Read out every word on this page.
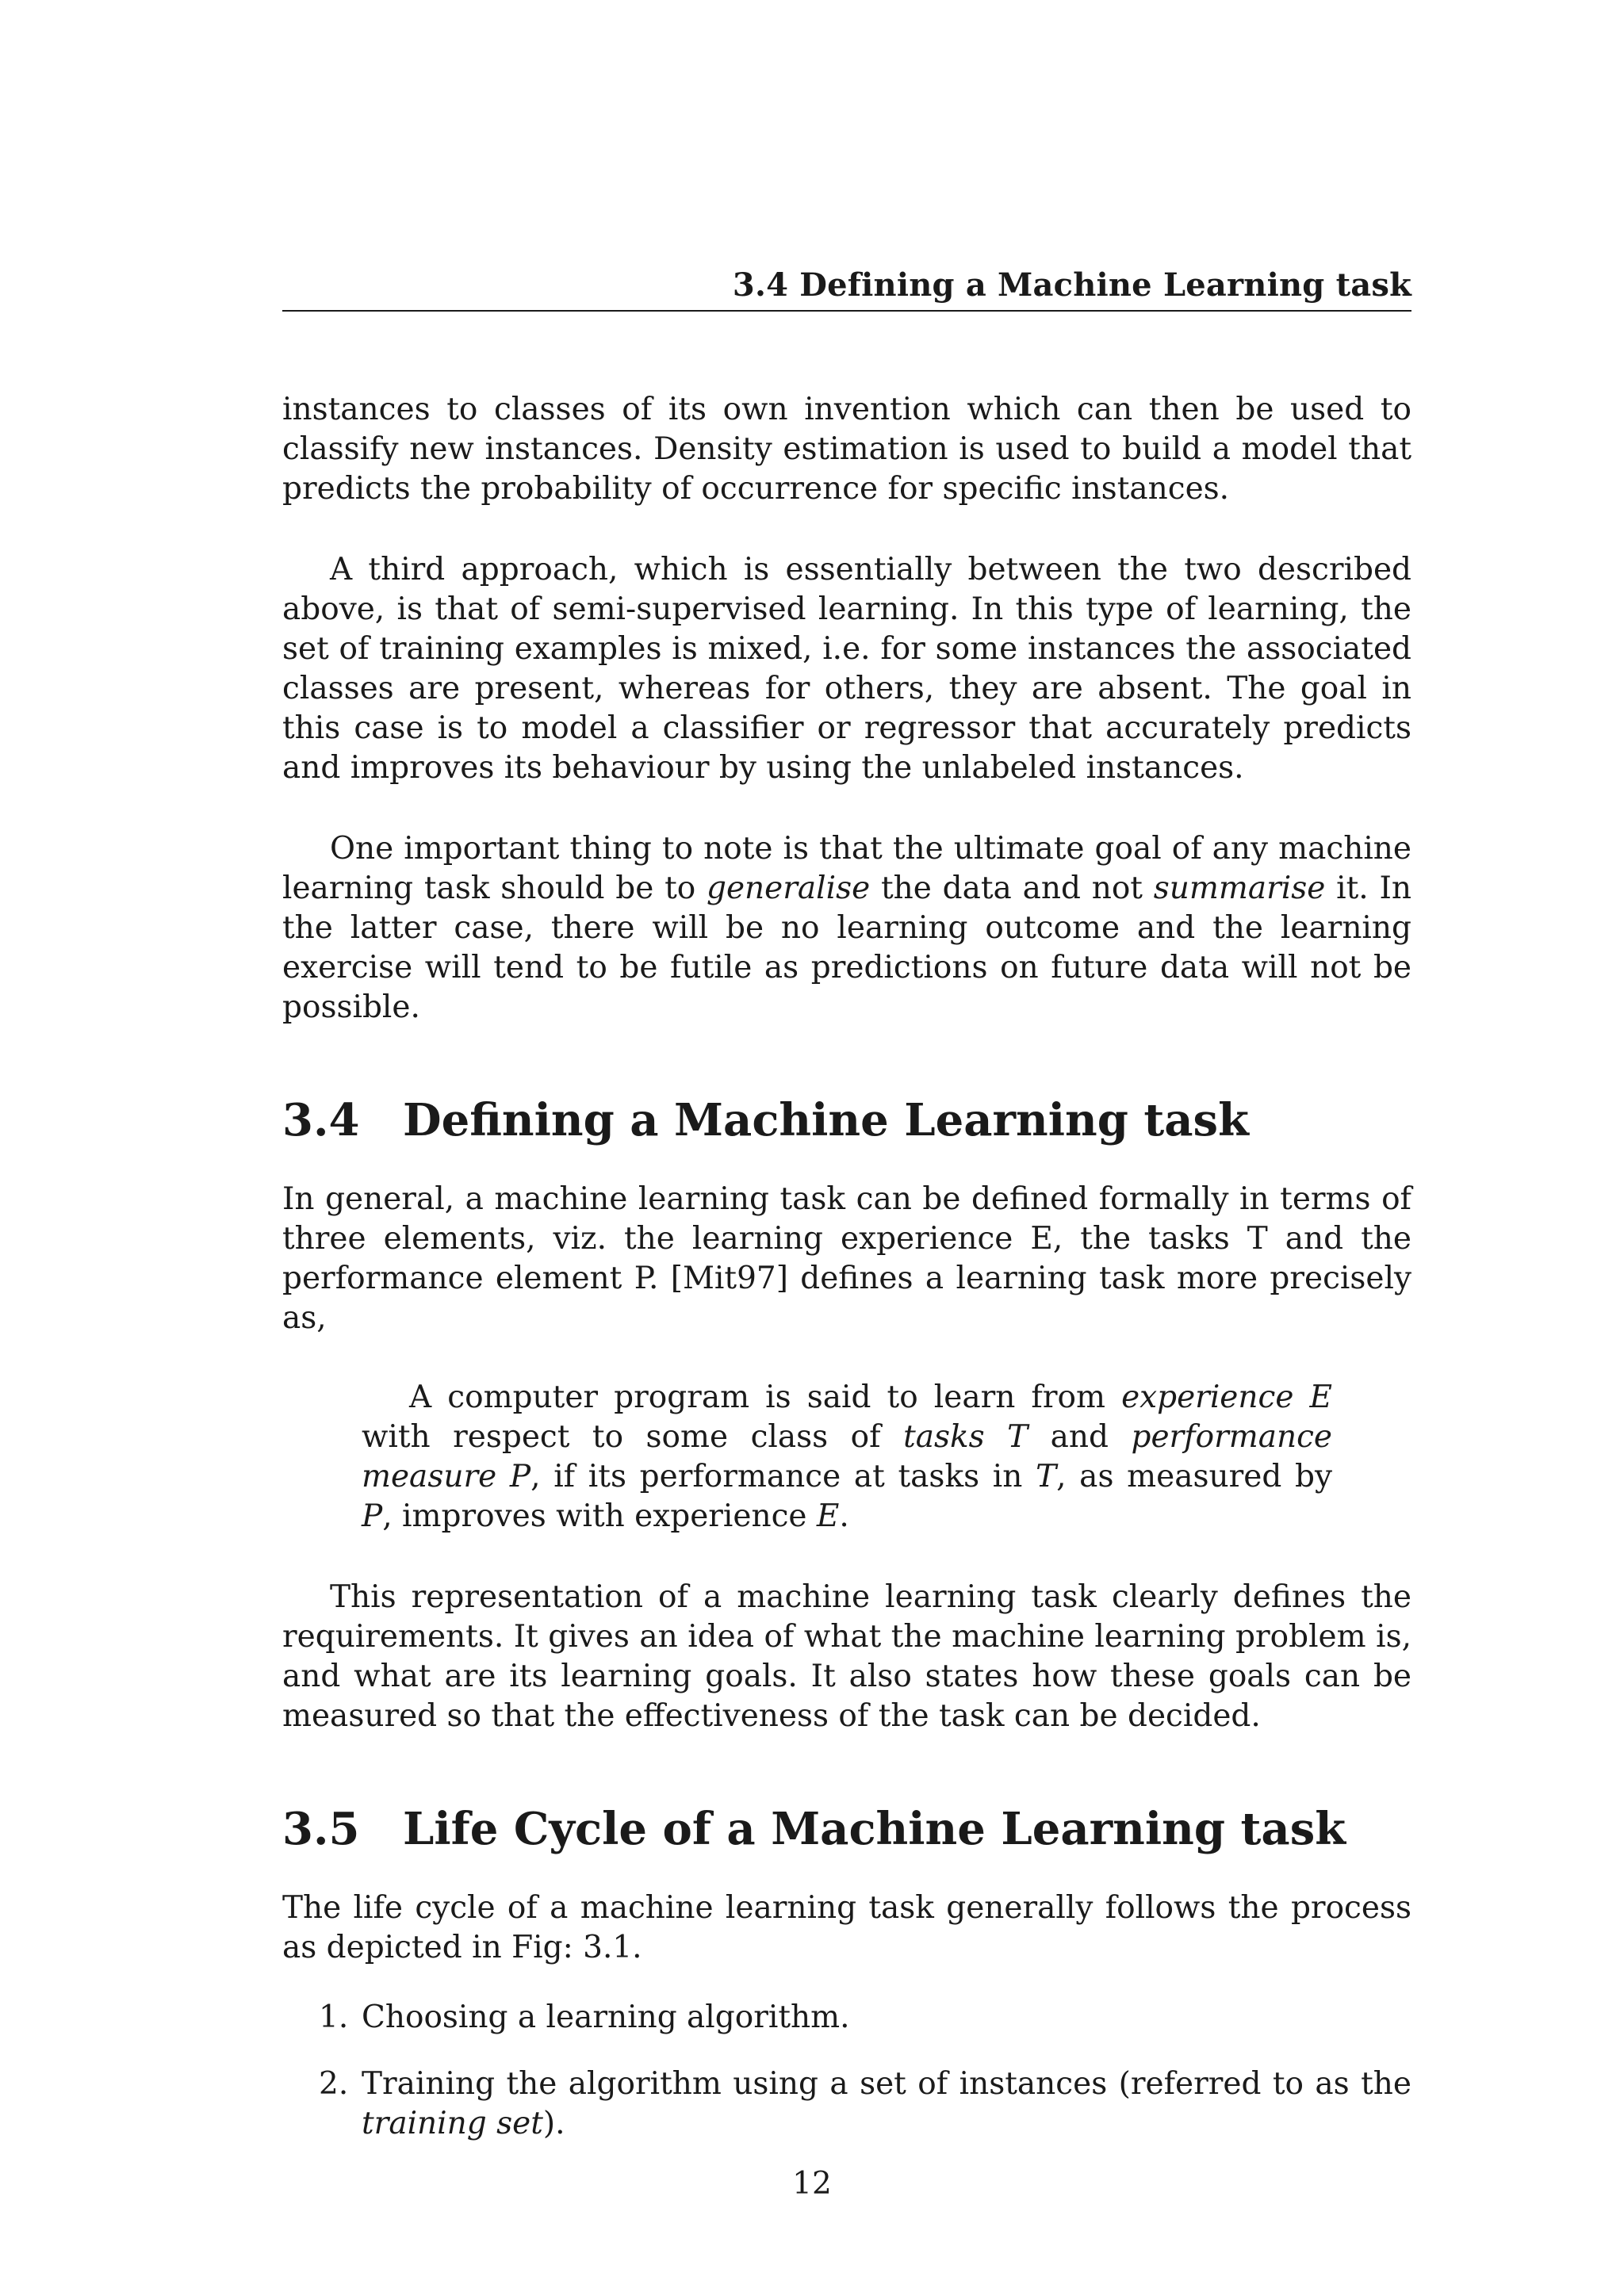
3.4 Defining a Machine Learning task

instances to classes of its own invention which can then be used to classify new instances. Density estimation is used to build a model that predicts the probability of occurrence for specific instances.

A third approach, which is essentially between the two described above, is that of semi-supervised learning. In this type of learning, the set of training examples is mixed, i.e. for some instances the associated classes are present, whereas for others, they are absent. The goal in this case is to model a classifier or regressor that accurately predicts and improves its behaviour by using the unlabeled instances.

One important thing to note is that the ultimate goal of any machine learning task should be to generalise the data and not summarise it. In the latter case, there will be no learning outcome and the learning exercise will tend to be futile as predictions on future data will not be possible.

3.4 Defining a Machine Learning task

In general, a machine learning task can be defined formally in terms of three elements, viz. the learning experience E, the tasks T and the performance element P. [Mit97] defines a learning task more precisely as,

A computer program is said to learn from experience E with respect to some class of tasks T and performance measure P, if its performance at tasks in T, as measured by P, improves with experience E.

This representation of a machine learning task clearly defines the requirements. It gives an idea of what the machine learning problem is, and what are its learning goals. It also states how these goals can be measured so that the effectiveness of the task can be decided.

3.5 Life Cycle of a Machine Learning task

The life cycle of a machine learning task generally follows the process as depicted in Fig: 3.1.

1. Choosing a learning algorithm.
2. Training the algorithm using a set of instances (referred to as the training set).
12
